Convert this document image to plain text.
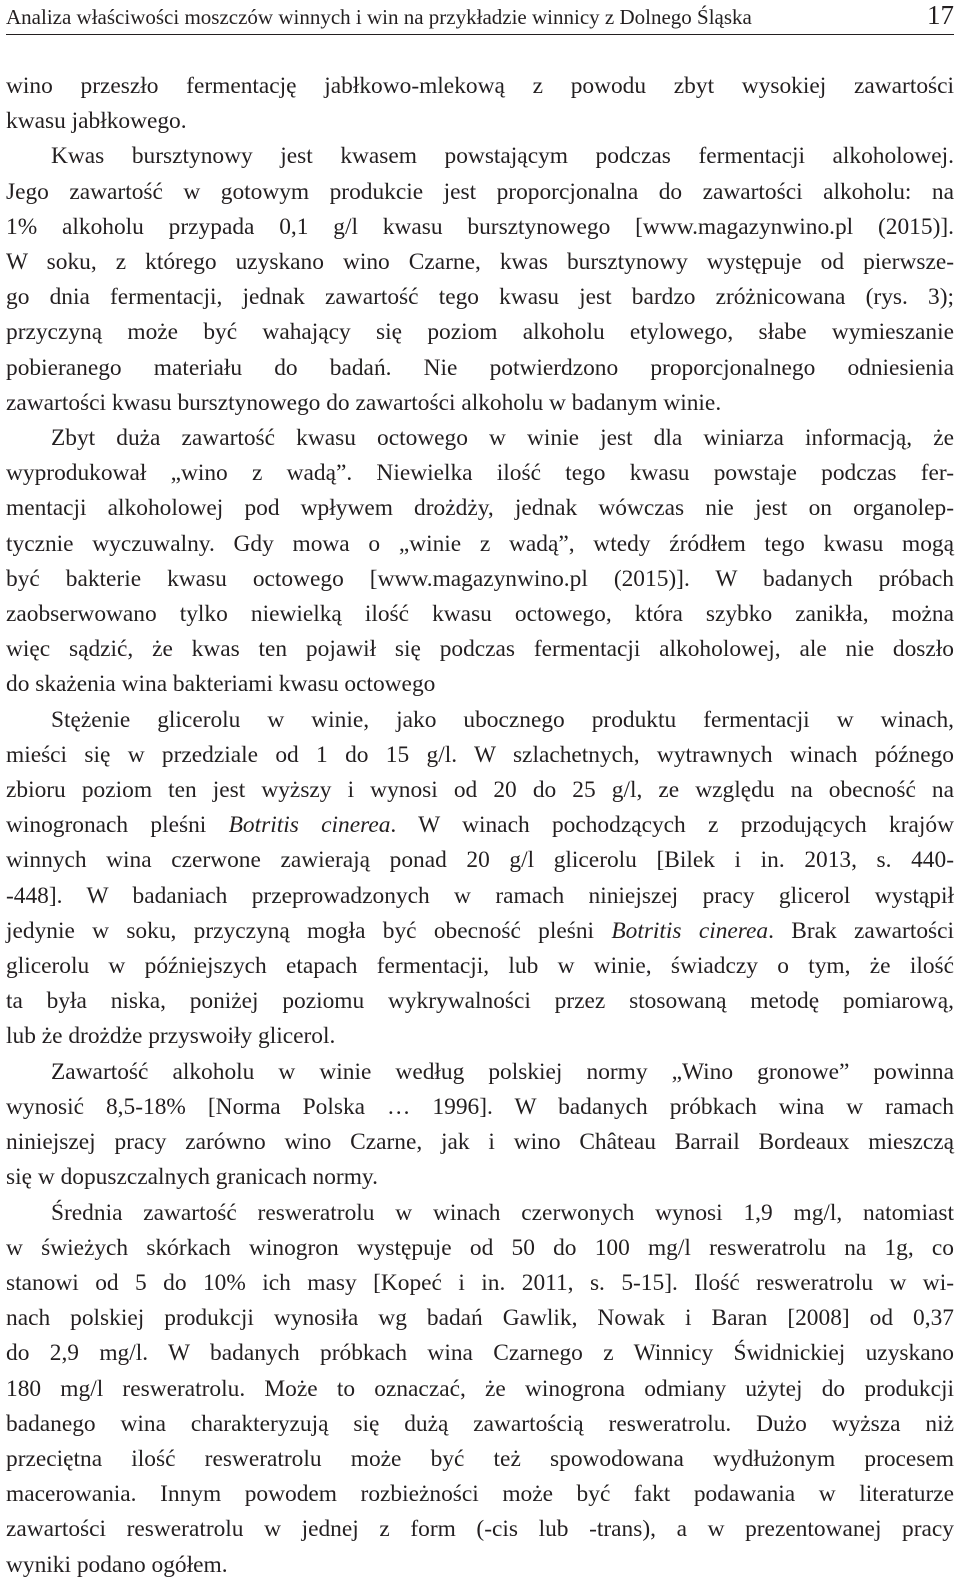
Analiza właściwości moszczów winnych i win na przykładzie winnicy z Dolnego Śląska	17

wino przeszło fermentację jabłkowo-mlekową z powodu zbyt wysokiej zawartości
kwasu jabłkowego.

Kwas bursztynowy jest kwasem powstającym podczas fermentacji alkoholowej.
Jego zawartość w gotowym produkcie jest proporcjonalna do zawartości alkoholu: na
1% alkoholu przypada 0,1 g/l kwasu bursztynowego [www.magazynwino.pl (2015)].
W soku, z którego uzyskano wino Czarne, kwas bursztynowy występuje od pierwsze-
go dnia fermentacji, jednak zawartość tego kwasu jest bardzo zróżnicowana (rys. 3);
przyczyną może być wahający się poziom alkoholu etylowego, słabe wymieszanie
pobieranego materiału do badań. Nie potwierdzono proporcjonalnego odniesienia
zawartości kwasu bursztynowego do zawartości alkoholu w badanym winie.

Zbyt duża zawartość kwasu octowego w winie jest dla winiarza informacją, że
wyprodukował „wino z wadą”. Niewielka ilość tego kwasu powstaje podczas fer-
mentacji alkoholowej pod wpływem drożdży, jednak wówczas nie jest on organolep-
tycznie wyczuwalny. Gdy mowa o „winie z wadą”, wtedy źródłem tego kwasu mogą
być bakterie kwasu octowego [www.magazynwino.pl (2015)]. W badanych próbach
zaobserwowano tylko niewielką ilość kwasu octowego, która szybko zanikła, można
więc sądzić, że kwas ten pojawił się podczas fermentacji alkoholowej, ale nie doszło
do skażenia wina bakteriami kwasu octowego

Stężenie glicerolu w winie, jako ubocznego produktu fermentacji w winach,
mieści się w przedziale od 1 do 15 g/l. W szlachetnych, wytrawnych winach późnego
zbioru poziom ten jest wyższy i wynosi od 20 do 25 g/l, ze względu na obecność na
winogronach pleśni Botritis cinerea. W winach pochodzących z przodujących krajów
winnych wina czerwone zawierają ponad 20 g/l glicerolu [Bilek i in. 2013, s. 440-
-448]. W badaniach przeprowadzonych w ramach niniejszej pracy glicerol wystąpił
jedynie w soku, przyczyną mogła być obecność pleśni Botritis cinerea. Brak zawartości
glicerolu w późniejszych etapach fermentacji, lub w winie, świadczy o tym, że ilość
ta była niska, poniżej poziomu wykrywalności przez stosowaną metodę pomiarową,
lub że drożdże przyswoiły glicerol.

Zawartość alkoholu w winie według polskiej normy „Wino gronowe” powinna
wynosić 8,5-18% [Norma Polska … 1996]. W badanych próbkach wina w ramach
niniejszej pracy zarówno wino Czarne, jak i wino Château Barrail Bordeaux mieszczą
się w dopuszczalnych granicach normy.

Średnia zawartość resweratrolu w winach czerwonych wynosi 1,9 mg/l, natomiast
w świeżych skórkach winogron występuje od 50 do 100 mg/l resweratrolu na 1g, co
stanowi od 5 do 10% ich masy [Kopeć i in. 2011, s. 5-15]. Ilość resweratrolu w wi-
nach polskiej produkcji wynosiła wg badań Gawlik, Nowak i Baran [2008] od 0,37
do 2,9 mg/l. W badanych próbkach wina Czarnego z Winnicy Świdnickiej uzyskano
180 mg/l resweratrolu. Może to oznaczać, że winogrona odmiany użytej do produkcji
badanego wina charakteryzują się dużą zawartością resweratrolu. Dużo wyższa niż
przeciętna ilość resweratrolu może być też spowodowana wydłużonym procesem
macerowania. Innym powodem rozbieżności może być fakt podawania w literaturze
zawartości resweratrolu w jednej z form (-cis lub -trans), a w prezentowanej pracy
wyniki podano ogółem.
